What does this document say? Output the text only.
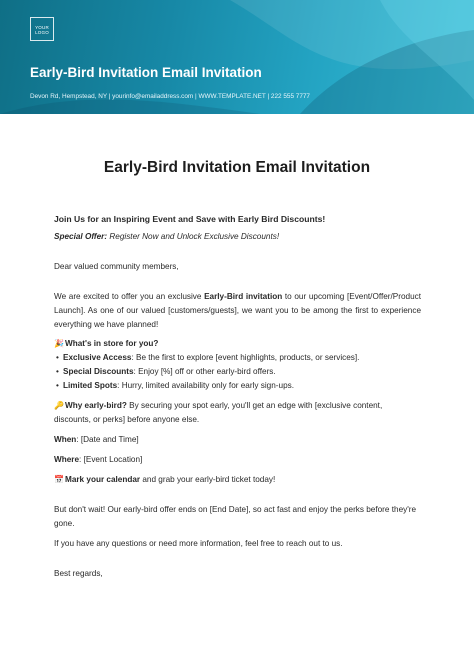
YOUR
LOGO
Early-Bird Invitation Email Invitation
Devon Rd, Hempstead, NY | yourinfo@emailaddress.com | WWW.TEMPLATE.NET | 222 555 7777
Early-Bird Invitation Email Invitation
Join Us for an Inspiring Event and Save with Early Bird Discounts!
Special Offer: Register Now and Unlock Exclusive Discounts!
Dear valued community members,
We are excited to offer you an exclusive Early-Bird invitation to our upcoming [Event/Offer/Product Launch]. As one of our valued [customers/guests], we want you to be among the first to experience everything we have planned!
🎉What's in store for you?
• Exclusive Access: Be the first to explore [event highlights, products, or services].
• Special Discounts: Enjoy [%] off or other early-bird offers.
• Limited Spots: Hurry, limited availability only for early sign-ups.
🔑Why early-bird? By securing your spot early, you'll get an edge with [exclusive content, discounts, or perks] before anyone else.
When: [Date and Time]
Where: [Event Location]
📅Mark your calendar and grab your early-bird ticket today!
But don't wait! Our early-bird offer ends on [End Date], so act fast and enjoy the perks before they're gone.
If you have any questions or need more information, feel free to reach out to us.
Best regards,
